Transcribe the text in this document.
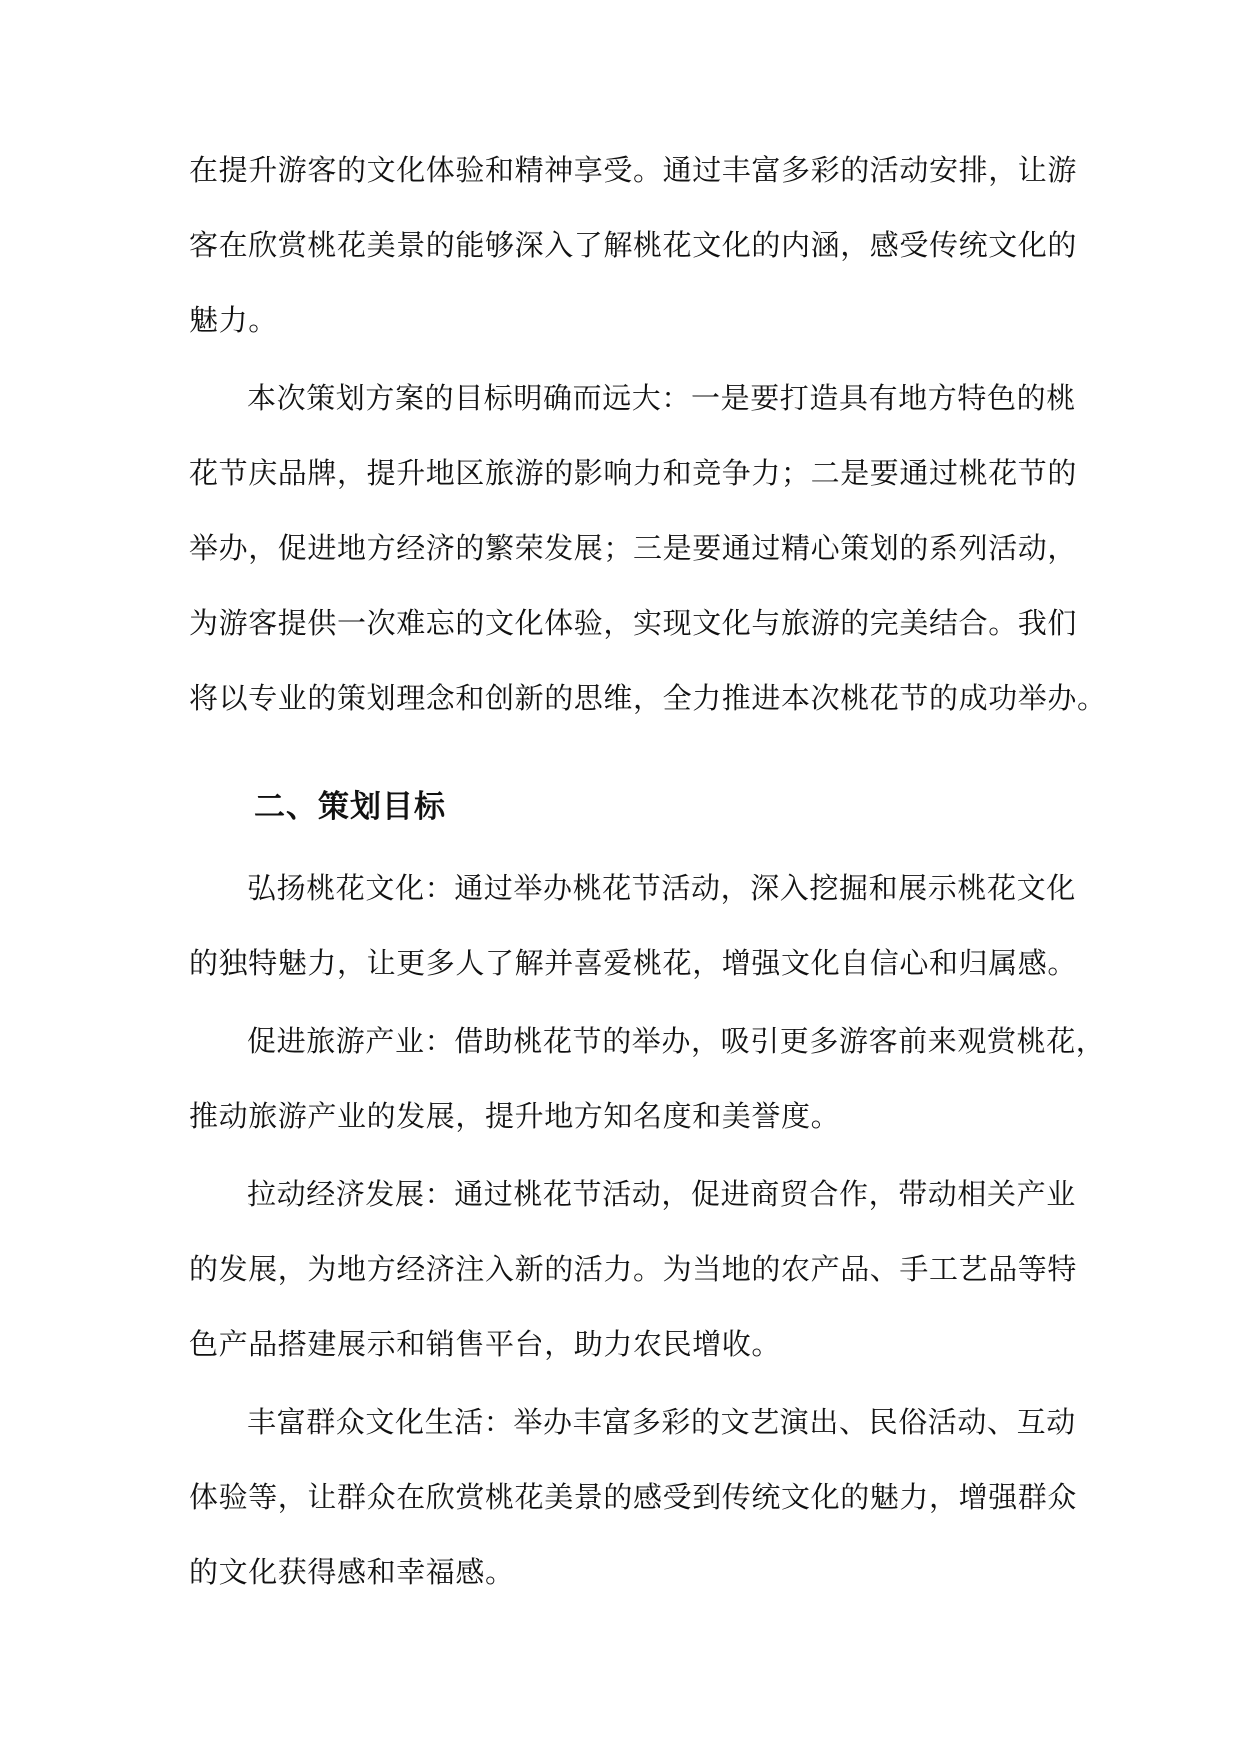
在提升游客的文化体验和精神享受。通过丰富多彩的活动安排，让游
客在欣赏桃花美景的能够深入了解桃花文化的内涵，感受传统文化的
魅力。
本次策划方案的目标明确而远大：一是要打造具有地方特色的桃
花节庆品牌，提升地区旅游的影响力和竞争力；二是要通过桃花节的
举办，促进地方经济的繁荣发展；三是要通过精心策划的系列活动，
为游客提供一次难忘的文化体验，实现文化与旅游的完美结合。我们
将以专业的策划理念和创新的思维，全力推进本次桃花节的成功举办。
二、策划目标
弘扬桃花文化：通过举办桃花节活动，深入挖掘和展示桃花文化
的独特魅力，让更多人了解并喜爱桃花，增强文化自信心和归属感。
促进旅游产业：借助桃花节的举办，吸引更多游客前来观赏桃花，
推动旅游产业的发展，提升地方知名度和美誉度。
拉动经济发展：通过桃花节活动，促进商贸合作，带动相关产业
的发展，为地方经济注入新的活力。为当地的农产品、手工艺品等特
色产品搭建展示和销售平台，助力农民增收。
丰富群众文化生活：举办丰富多彩的文艺演出、民俗活动、互动
体验等，让群众在欣赏桃花美景的感受到传统文化的魅力，增强群众
的文化获得感和幸福感。
